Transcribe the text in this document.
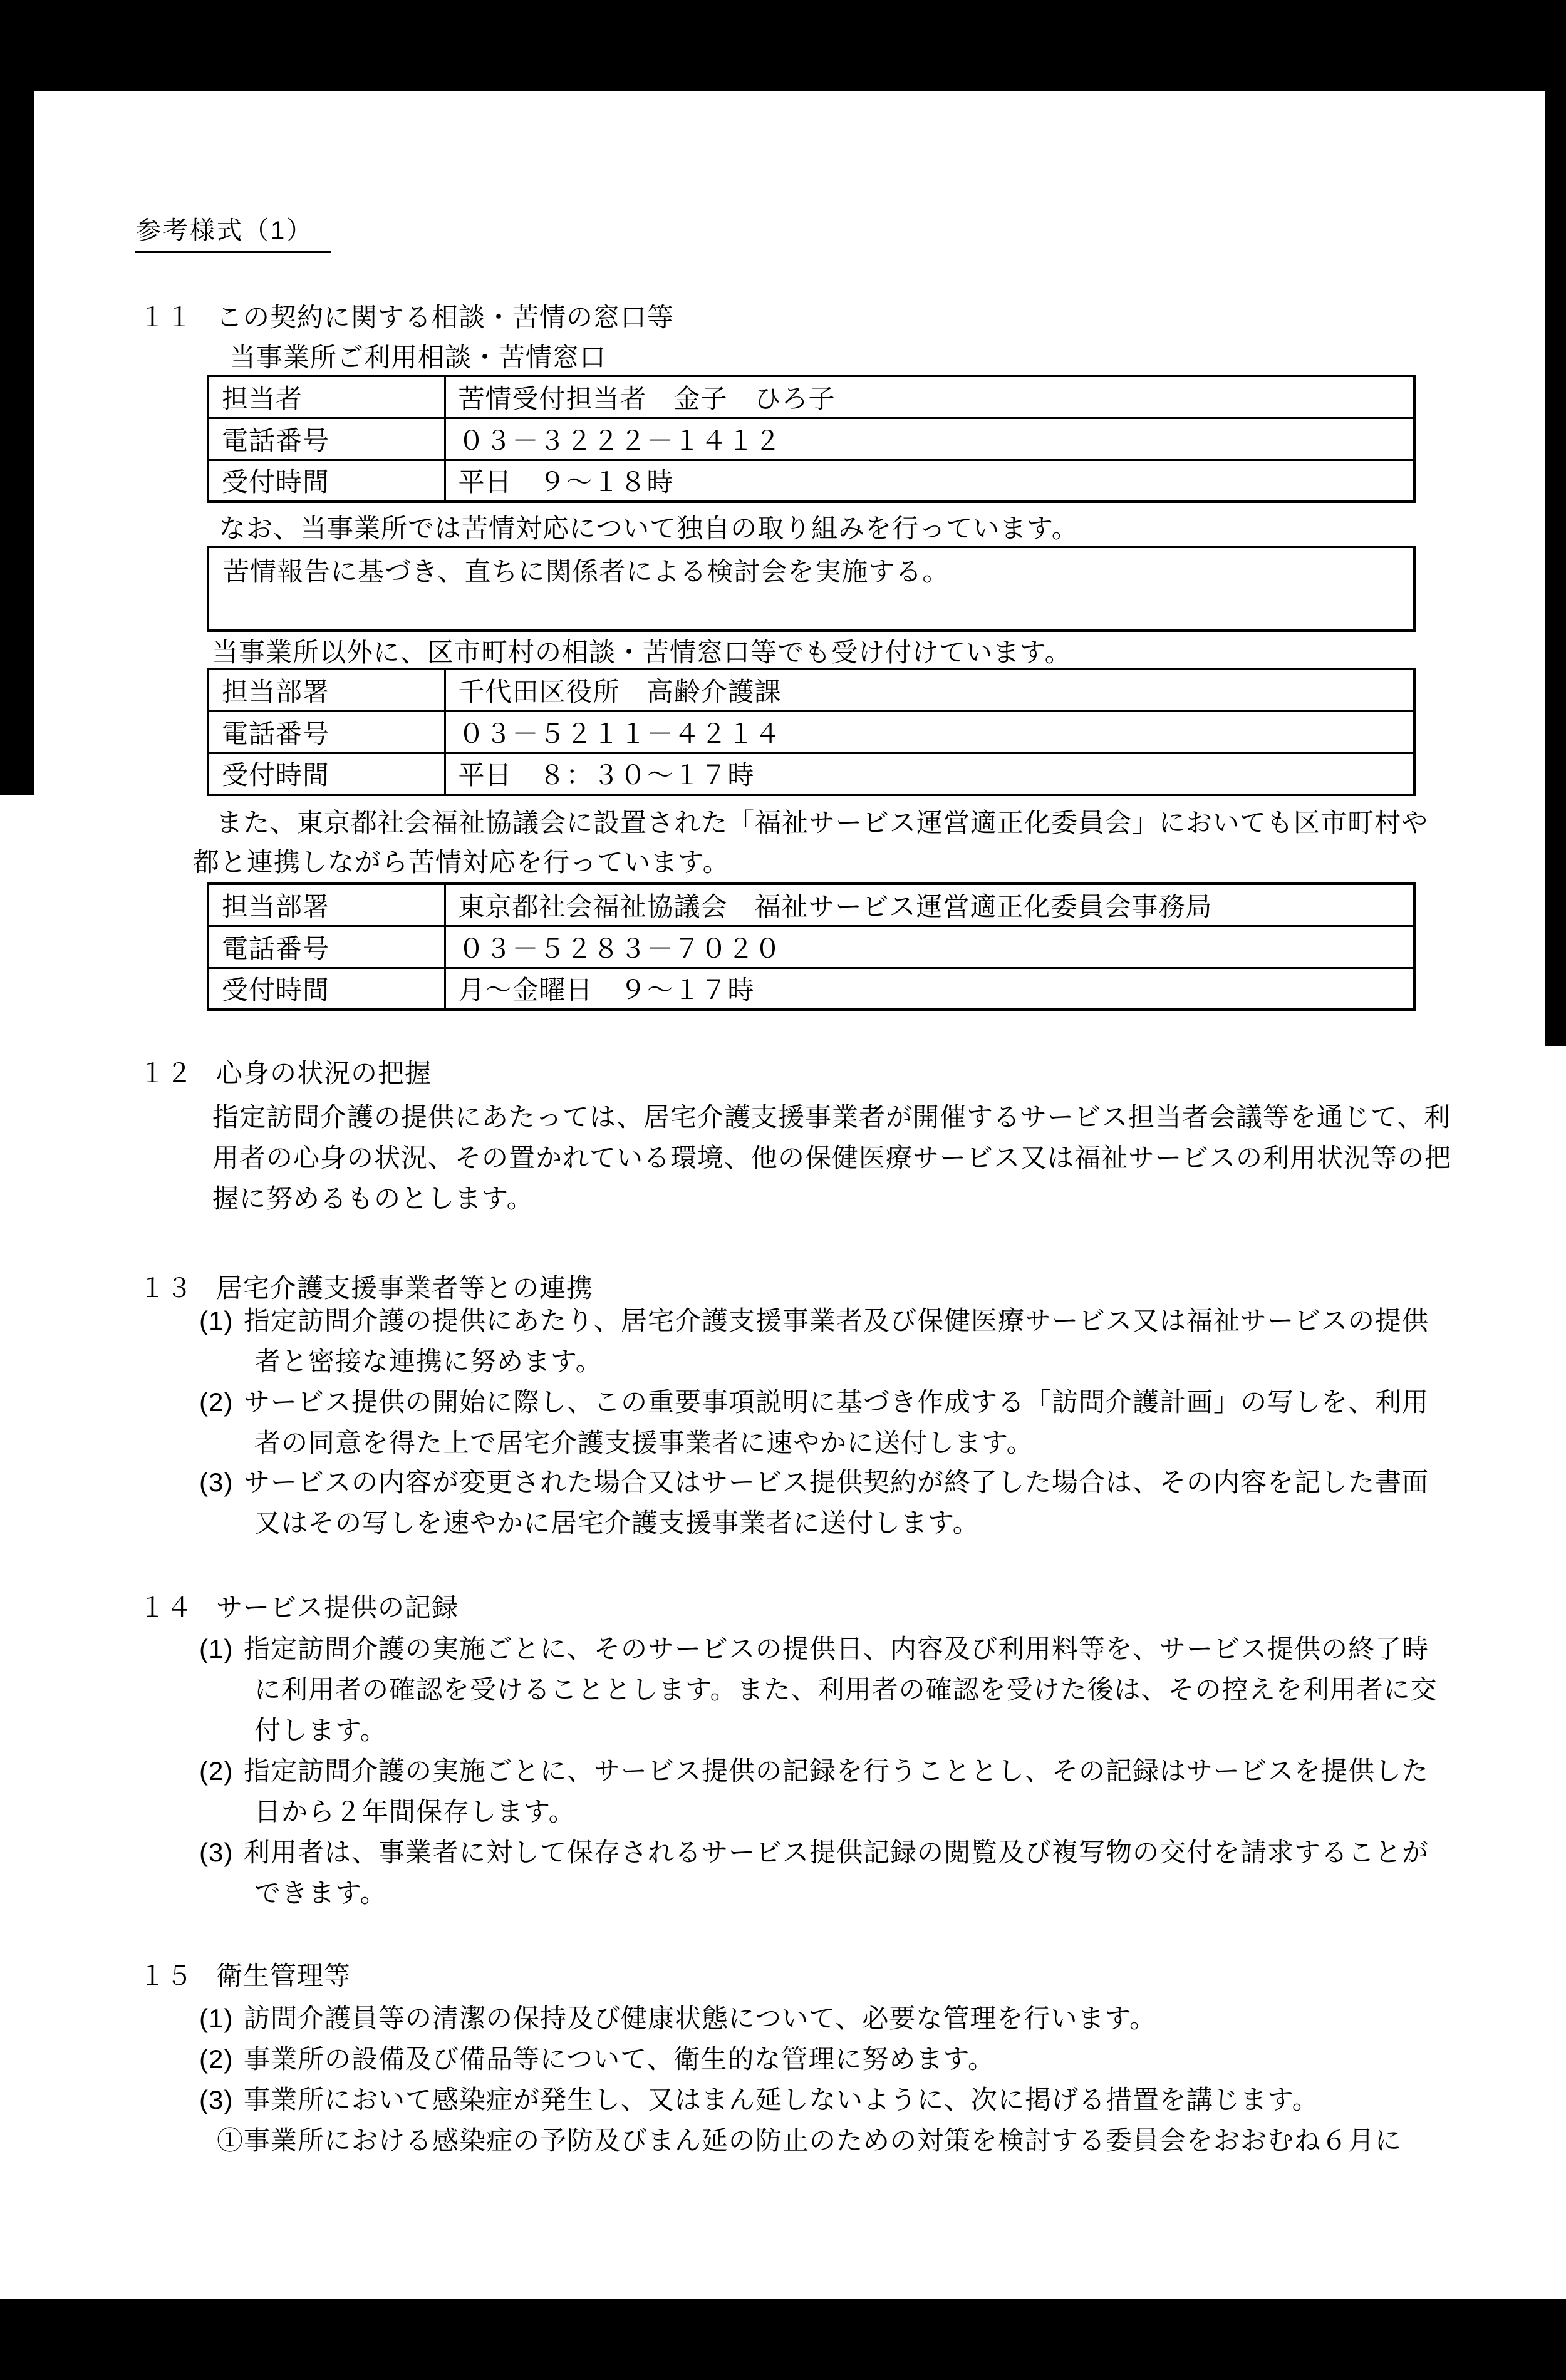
参考様式（1）
１１ この契約に関する相談・苦情の窓口等
当事業所ご利用相談・苦情窓口
担当者	苦情受付担当者　金子　ひろ子
電話番号	０３－３２２２－１４１２
受付時間	平日　９～１８時
なお、当事業所では苦情対応について独自の取り組みを行っています。
苦情報告に基づき、直ちに関係者による検討会を実施する。
当事業所以外に、区市町村の相談・苦情窓口等でも受け付けています。
担当部署	千代田区役所　高齢介護課
電話番号	０３－５２１１－４２１４
受付時間	平日　８：３０～１７時
また、東京都社会福祉協議会に設置された「福祉サービス運営適正化委員会」においても区市町村や
都と連携しながら苦情対応を行っています。
担当部署	東京都社会福祉協議会　福祉サービス運営適正化委員会事務局
電話番号	０３－５２８３－７０２０
受付時間	月～金曜日　９～１７時
１２ 心身の状況の把握
指定訪問介護の提供にあたっては、居宅介護支援事業者が開催するサービス担当者会議等を通じて、利
用者の心身の状況、その置かれている環境、他の保健医療サービス又は福祉サービスの利用状況等の把
握に努めるものとします。
１３ 居宅介護支援事業者等との連携
(1) 指定訪問介護の提供にあたり、居宅介護支援事業者及び保健医療サービス又は福祉サービスの提供
者と密接な連携に努めます。
(2) サービス提供の開始に際し、この重要事項説明に基づき作成する「訪問介護計画」の写しを、利用
者の同意を得た上で居宅介護支援事業者に速やかに送付します。
(3) サービスの内容が変更された場合又はサービス提供契約が終了した場合は、その内容を記した書面
又はその写しを速やかに居宅介護支援事業者に送付します。
１４ サービス提供の記録
(1) 指定訪問介護の実施ごとに、そのサービスの提供日、内容及び利用料等を、サービス提供の終了時
に利用者の確認を受けることとします。また、利用者の確認を受けた後は、その控えを利用者に交
付します。
(2) 指定訪問介護の実施ごとに、サービス提供の記録を行うこととし、その記録はサービスを提供した
日から２年間保存します。
(3) 利用者は、事業者に対して保存されるサービス提供記録の閲覧及び複写物の交付を請求することが
できます。
１５ 衛生管理等
(1) 訪問介護員等の清潔の保持及び健康状態について、必要な管理を行います。
(2) 事業所の設備及び備品等について、衛生的な管理に努めます。
(3) 事業所において感染症が発生し、又はまん延しないように、次に掲げる措置を講じます。
①事業所における感染症の予防及びまん延の防止のための対策を検討する委員会をおおむね６月に
